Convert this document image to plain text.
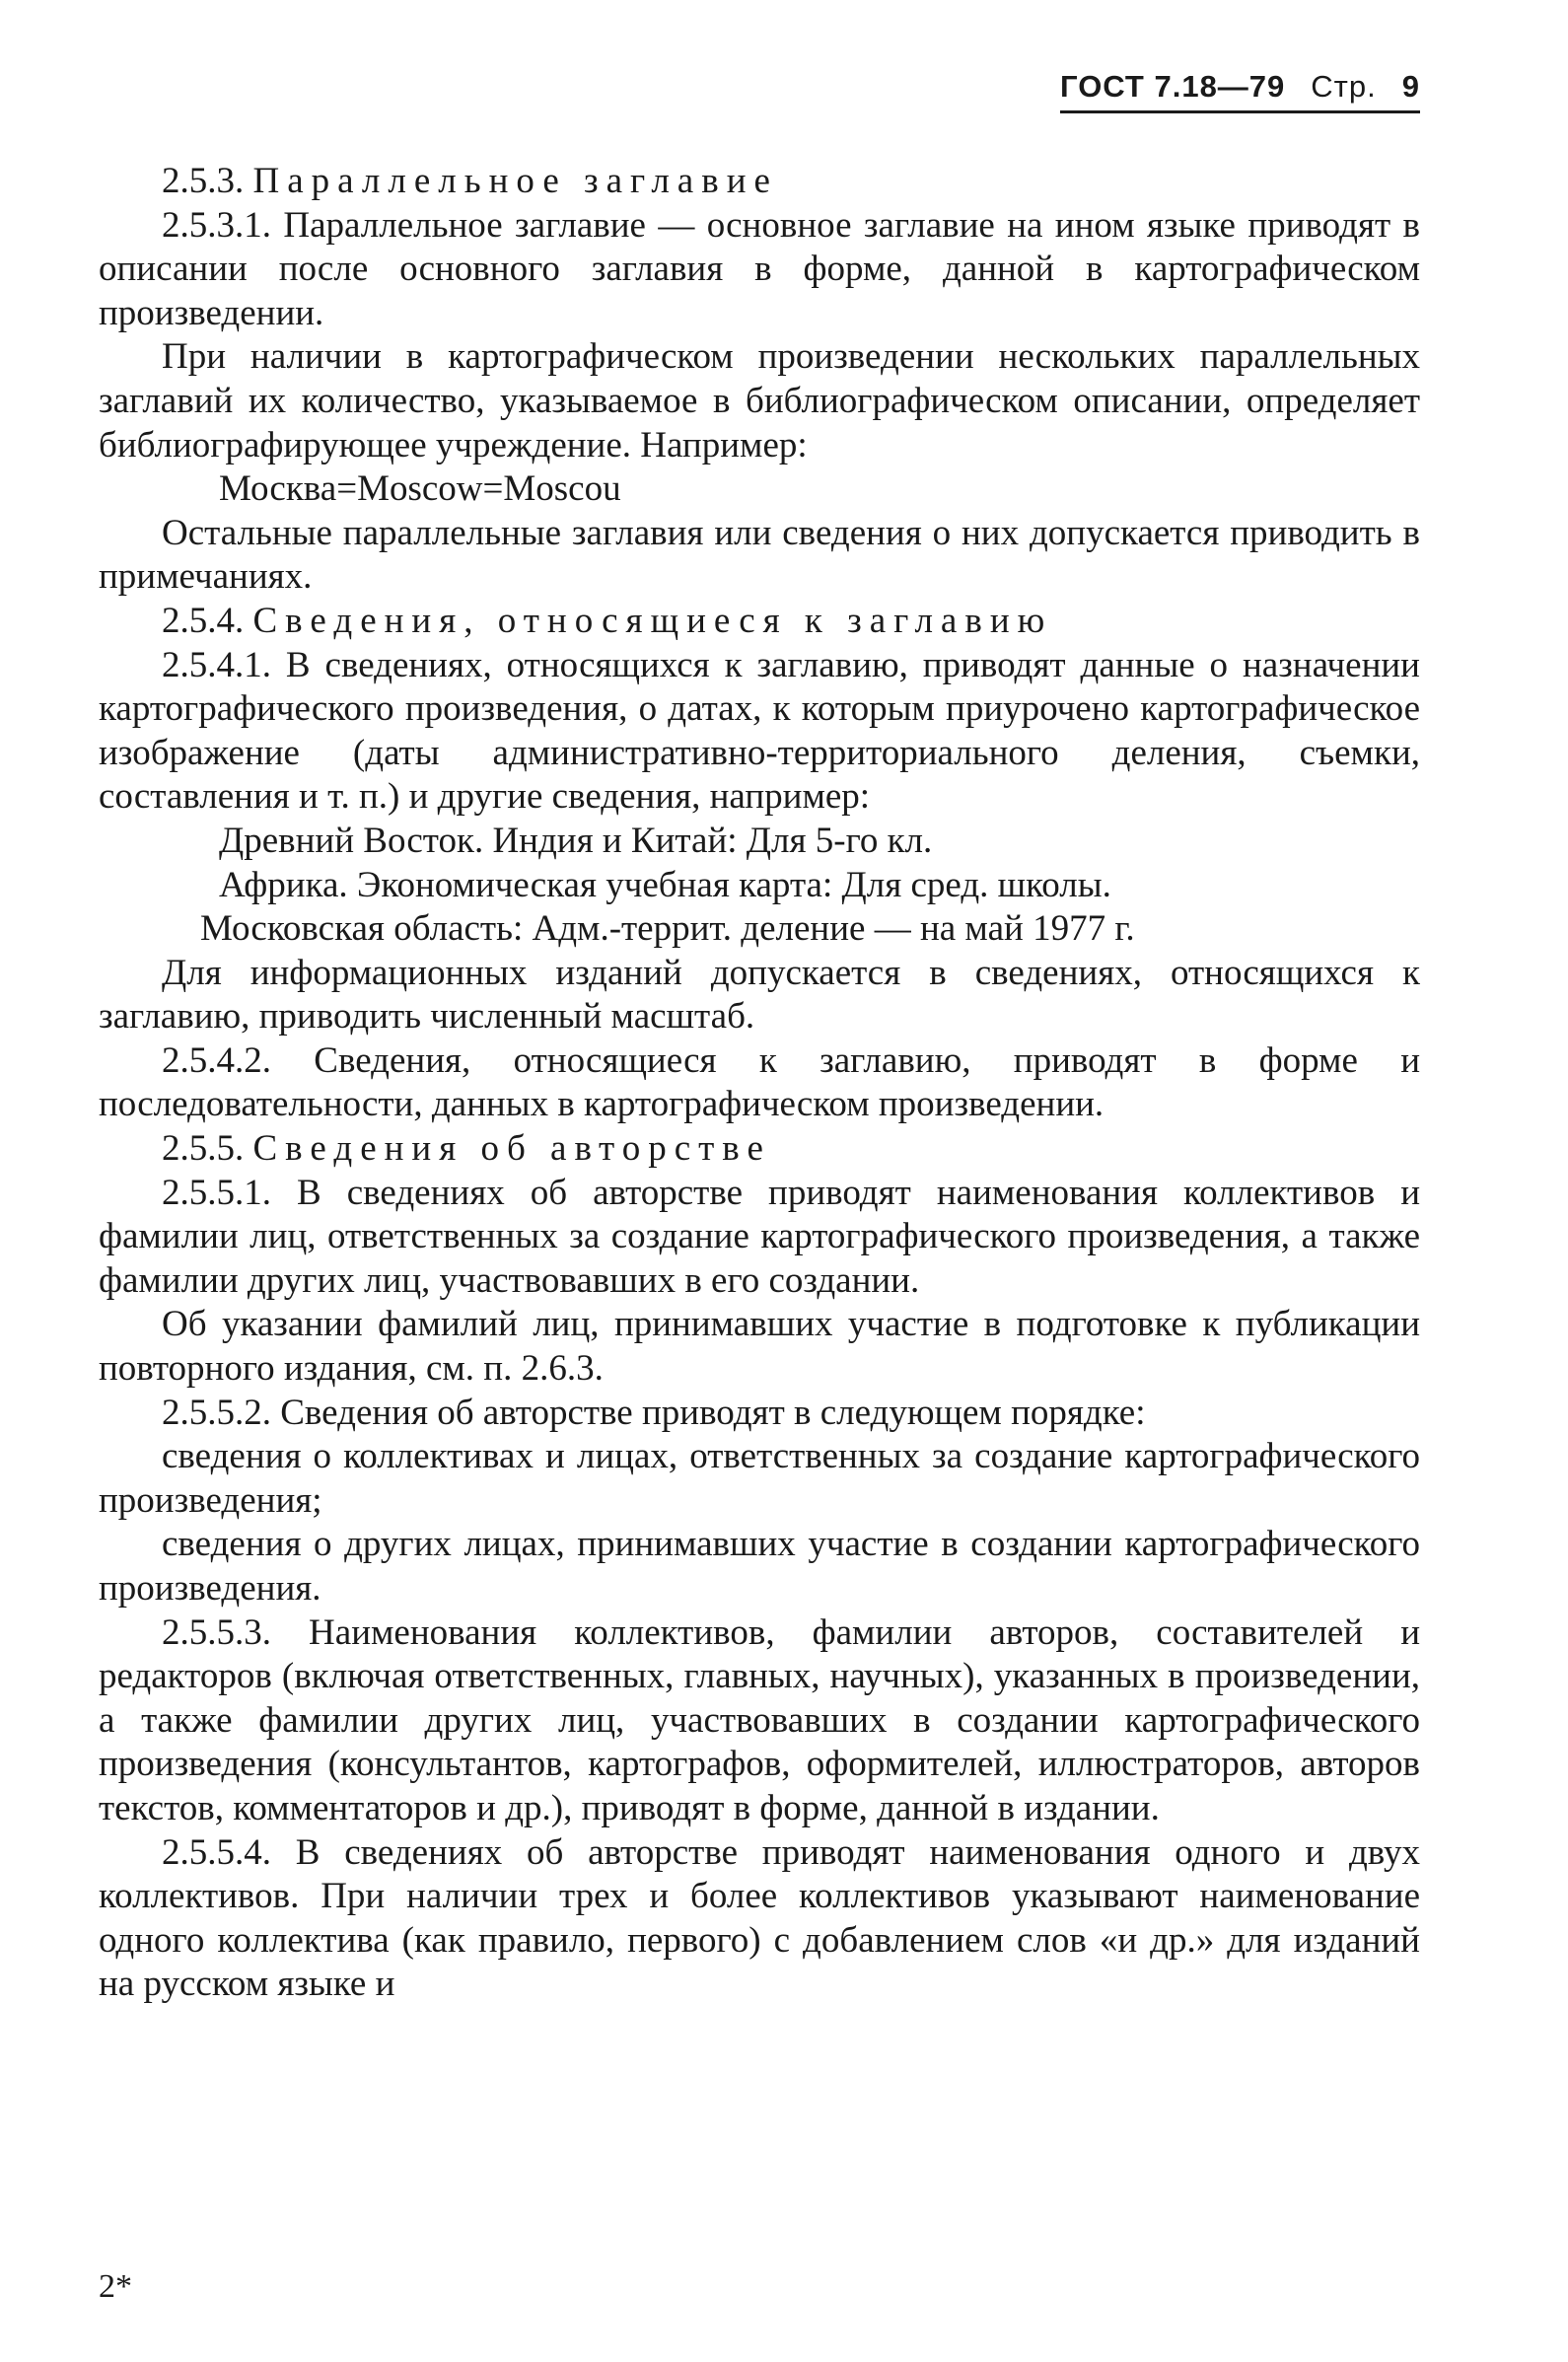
ГОСТ 7.18—79 Стр. 9

2.5.3. Параллельное заглавие

2.5.3.1. Параллельное заглавие — основное заглавие на ином языке приводят в описании после основного заглавия в форме, данной в картографическом произведении.

При наличии в картографическом произведении нескольких параллельных заглавий их количество, указываемое в библиографическом описании, определяет библиографирующее учреждение. Например:

Москва=Moscow=Moscou

Остальные параллельные заглавия или сведения о них допускается приводить в примечаниях.

2.5.4. Сведения, относящиеся к заглавию

2.5.4.1. В сведениях, относящихся к заглавию, приводят данные о назначении картографического произведения, о датах, к которым приурочено картографическое изображение (даты административно-территориального деления, съемки, составления и т. п.) и другие сведения, например:

Древний Восток. Индия и Китай: Для 5-го кл.

Африка. Экономическая учебная карта: Для сред. школы.

Московская область: Адм.-террит. деление — на май 1977 г.

Для информационных изданий допускается в сведениях, относящихся к заглавию, приводить численный масштаб.

2.5.4.2. Сведения, относящиеся к заглавию, приводят в форме и последовательности, данных в картографическом произведении.

2.5.5. Сведения об авторстве

2.5.5.1. В сведениях об авторстве приводят наименования коллективов и фамилии лиц, ответственных за создание картографического произведения, а также фамилии других лиц, участвовавших в его создании.

Об указании фамилий лиц, принимавших участие в подготовке к публикации повторного издания, см. п. 2.6.3.

2.5.5.2. Сведения об авторстве приводят в следующем порядке:

сведения о коллективах и лицах, ответственных за создание картографического произведения;

сведения о других лицах, принимавших участие в создании картографического произведения.

2.5.5.3. Наименования коллективов, фамилии авторов, составителей и редакторов (включая ответственных, главных, научных), указанных в произведении, а также фамилии других лиц, участвовавших в создании картографического произведения (консультантов, картографов, оформителей, иллюстраторов, авторов текстов, комментаторов и др.), приводят в форме, данной в издании.

2.5.5.4. В сведениях об авторстве приводят наименования одного и двух коллективов. При наличии трех и более коллективов указывают наименование одного коллектива (как правило, первого) с добавлением слов «и др.» для изданий на русском языке и

2*
